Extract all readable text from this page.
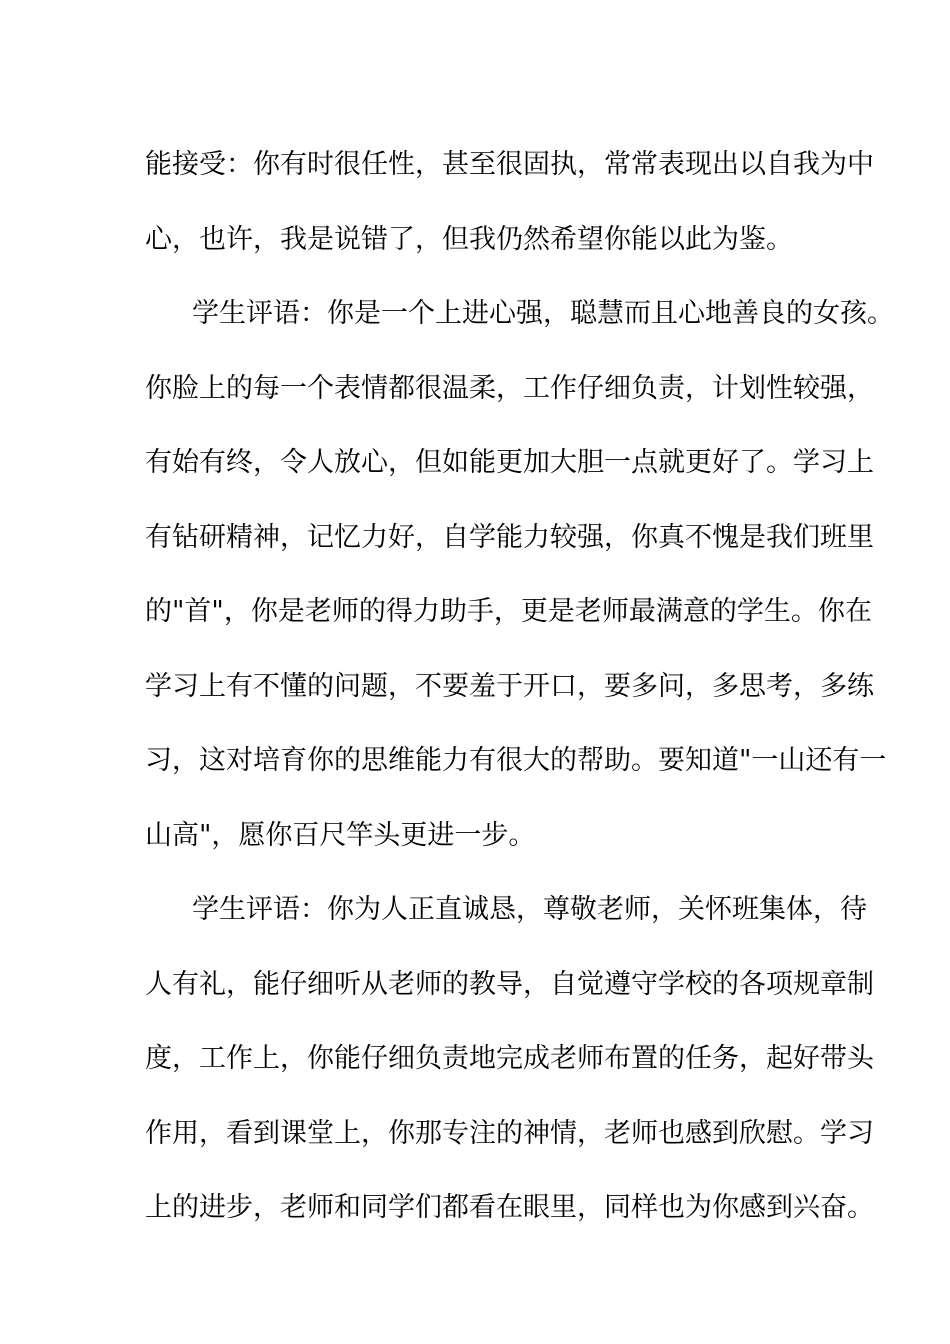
能接受：你有时很任性，甚至很固执，常常表现出以自我为中
心，也许，我是说错了，但我仍然希望你能以此为鉴。
学生评语：你是一个上进心强，聪慧而且心地善良的女孩。
你脸上的每一个表情都很温柔，工作仔细负责，计划性较强，
有始有终，令人放心，但如能更加大胆一点就更好了。学习上
有钻研精神，记忆力好，自学能力较强，你真不愧是我们班里
的"首"，你是老师的得力助手，更是老师最满意的学生。你在
学习上有不懂的问题，不要羞于开口，要多问，多思考，多练
习，这对培育你的思维能力有很大的帮助。要知道"一山还有一
山高"，愿你百尺竿头更进一步。
学生评语：你为人正直诚恳，尊敬老师，关怀班集体，待
人有礼，能仔细听从老师的教导，自觉遵守学校的各项规章制
度，工作上，你能仔细负责地完成老师布置的任务，起好带头
作用，看到课堂上，你那专注的神情，老师也感到欣慰。学习
上的进步，老师和同学们都看在眼里，同样也为你感到兴奋。
